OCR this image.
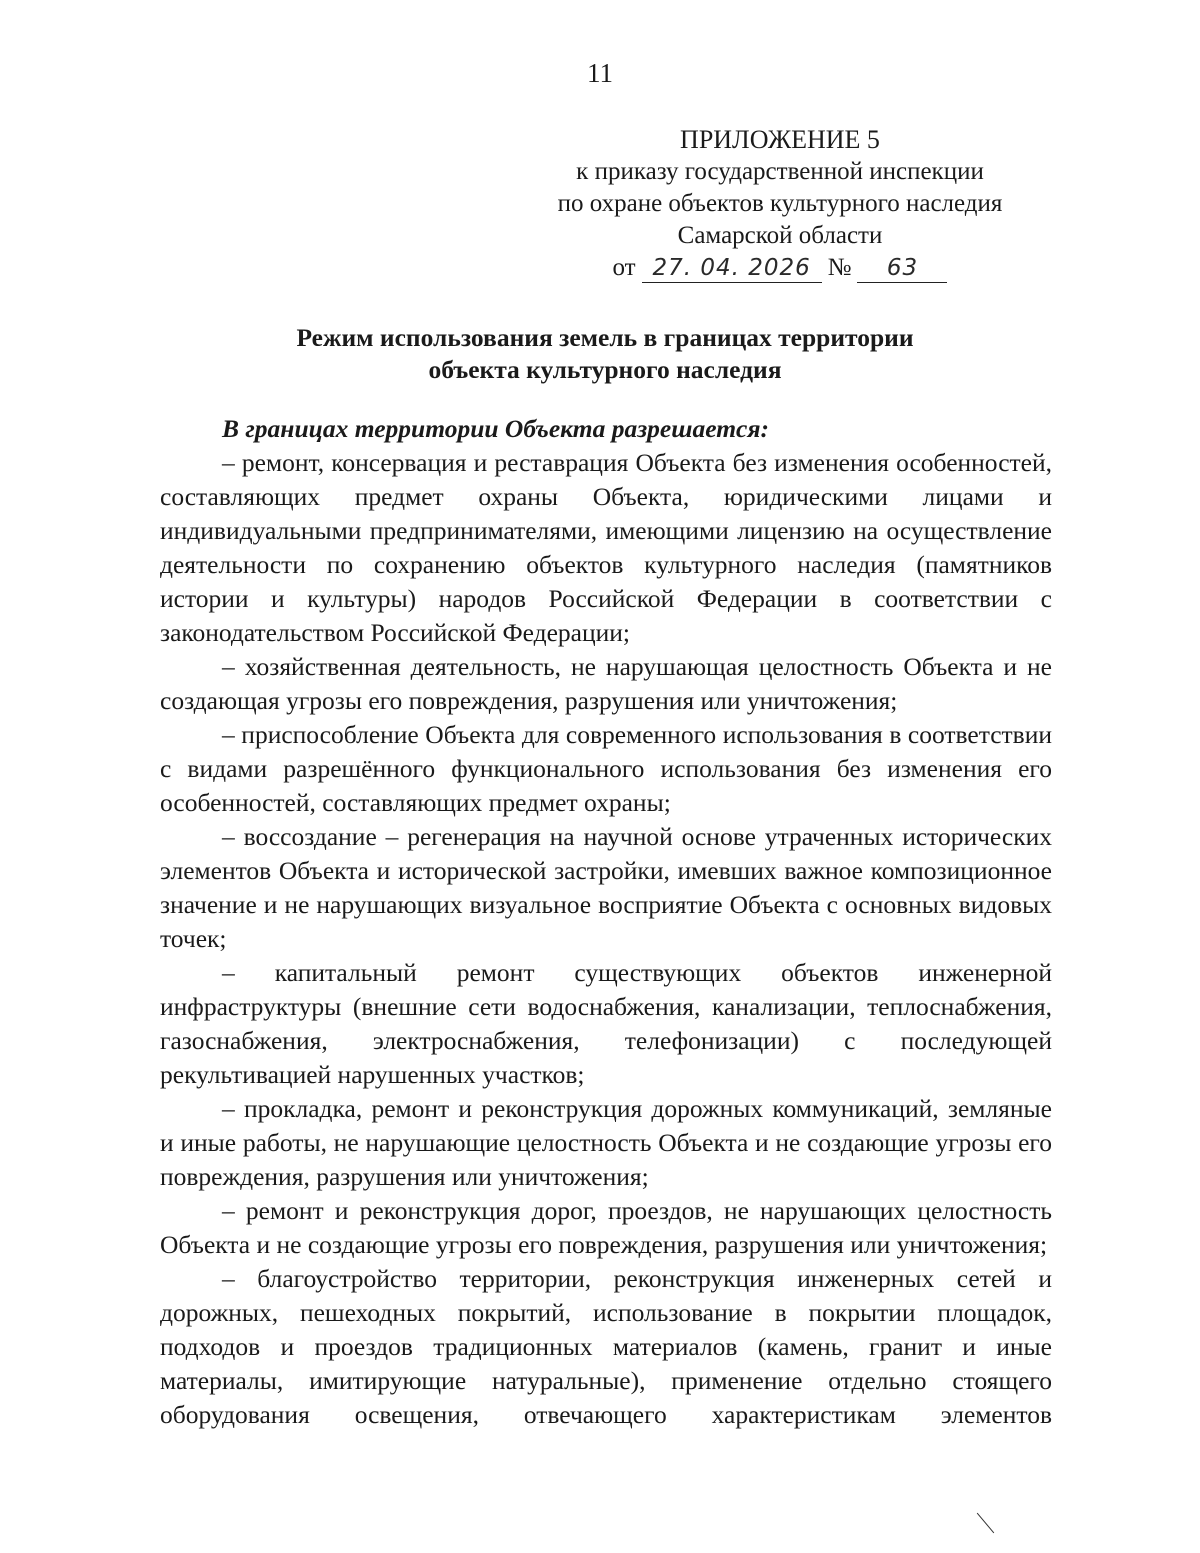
11
ПРИЛОЖЕНИЕ 5
к приказу государственной инспекции
по охране объектов культурного наследия
Самарской области
от 27. 04. 2026 №	63
Режим использования земель в границах территории
объекта культурного наследия

В границах территории Объекта разрешается:

– ремонт, консервация и реставрация Объекта без изменения особенностей, составляющих предмет охраны Объекта, юридическими лицами и индивидуальными предпринимателями, имеющими лицензию на осуществление деятельности по сохранению объектов культурного наследия (памятников истории и культуры) народов Российской Федерации в соответствии с законодательством Российской Федерации;

– хозяйственная деятельность, не нарушающая целостность Объекта и не создающая угрозы его повреждения, разрушения или уничтожения;

– приспособление Объекта для современного использования в соответствии с видами разрешённого функционального использования без изменения его особенностей, составляющих предмет охраны;

– воссоздание – регенерация на научной основе утраченных исторических элементов Объекта и исторической застройки, имевших важное композиционное значение и не нарушающих визуальное восприятие Объекта с основных видовых точек;

– капитальный ремонт существующих объектов инженерной инфраструктуры (внешние сети водоснабжения, канализации, теплоснабжения, газоснабжения, электроснабжения, телефонизации) с последующей рекультивацией нарушенных участков;

– прокладка, ремонт и реконструкция дорожных коммуникаций, земляные и иные работы, не нарушающие целостность Объекта и не создающие угрозы его повреждения, разрушения или уничтожения;

– ремонт и реконструкция дорог, проездов, не нарушающих целостность Объекта и не создающие угрозы его повреждения, разрушения или уничтожения;

– благоустройство территории, реконструкция инженерных сетей и дорожных, пешеходных покрытий, использование в покрытии площадок, подходов и проездов традиционных материалов (камень, гранит и иные материалы, имитирующие натуральные), применение отдельно стоящего оборудования освещения, отвечающего характеристикам элементов
